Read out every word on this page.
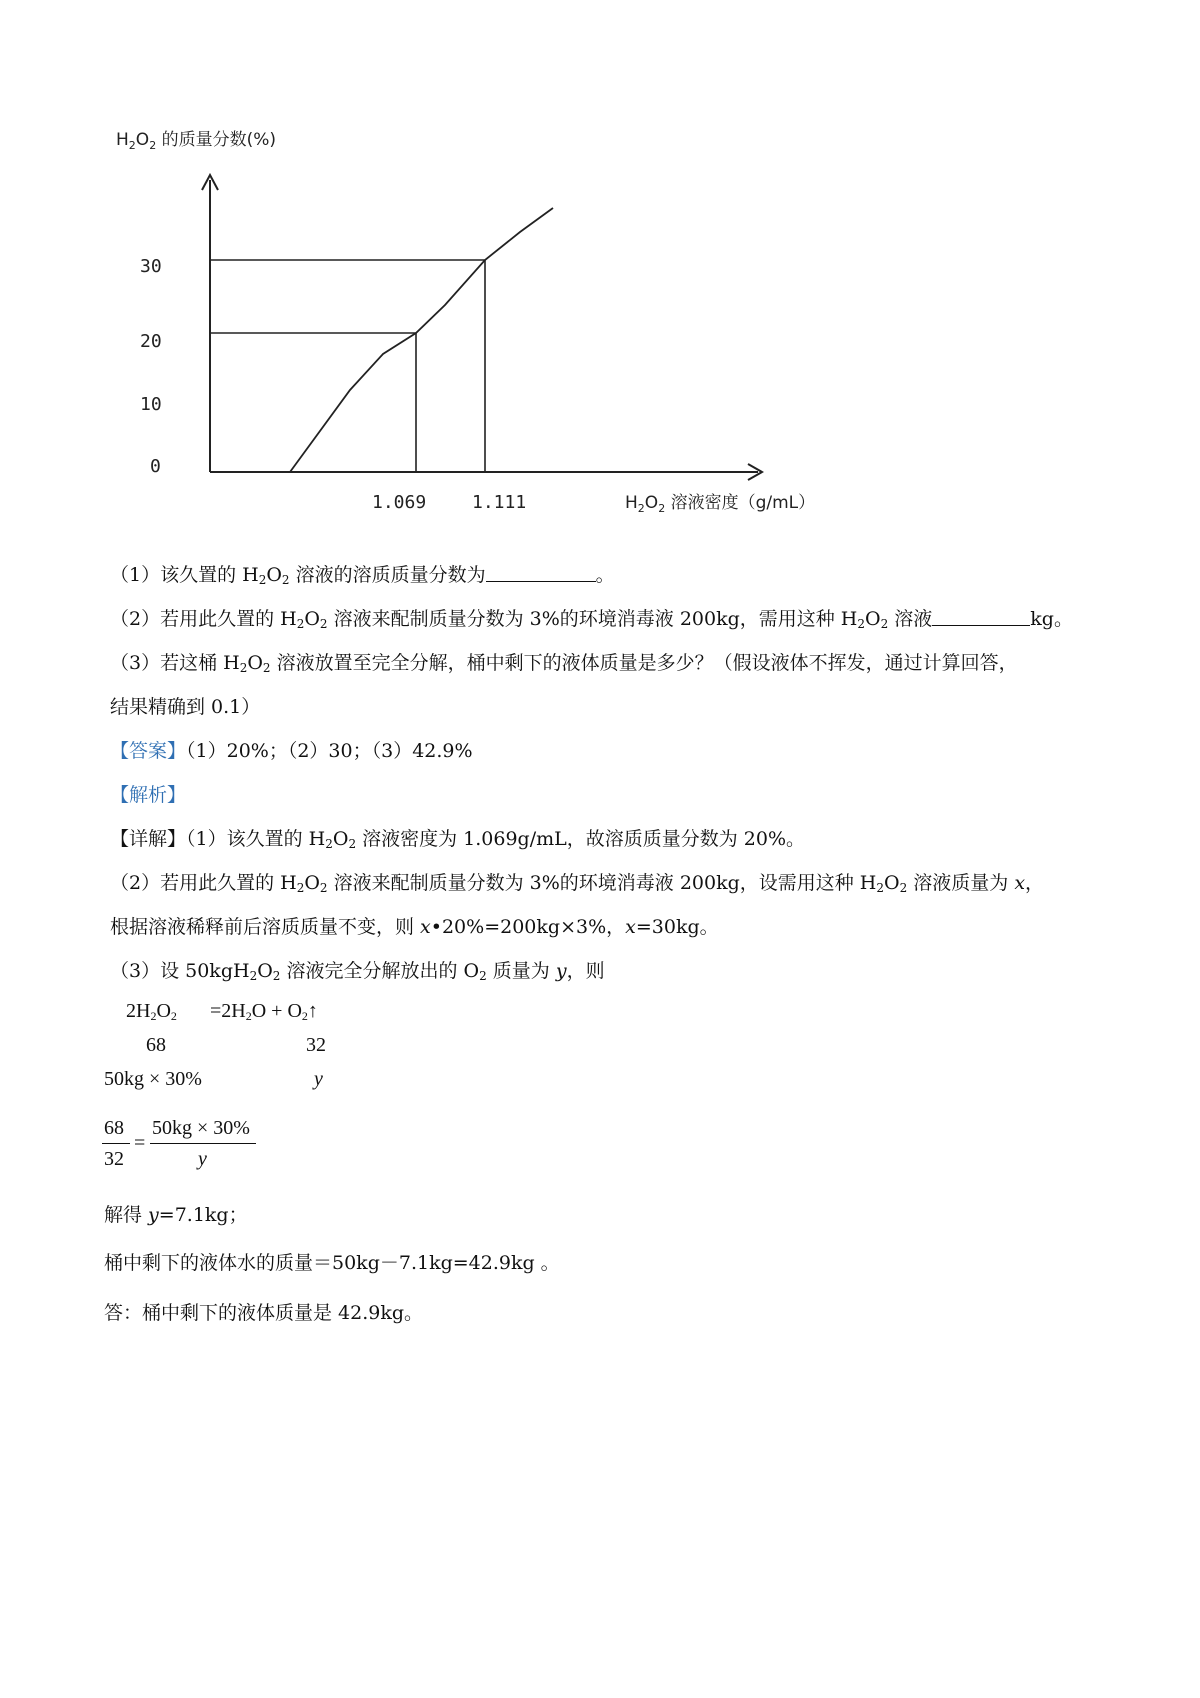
30
20
10
0
1.069	1.111
$H_2O_2$ 的质量分数(%)
$H_2O_2$ 溶液密度（g/mL）
（1）该久置的 $H_2O_2$ 溶液的溶质质量分数为	。
（2）若用此久置的 $H_2O_2$ 溶液来配制质量分数为 3%的环境消毒液 200kg，需用这种 $H_2O_2$ 溶液	kg。
（3）若这桶 $H_2O_2$ 溶液放置至完全分解，桶中剩下的液体质量是多少？（假设液体不挥发，通过计算回答，
结果精确到 0.1）
【答案】（1）20%；（2）30；（3）42.9%
【解析】
【详解】（1）该久置的 $H_2O_2$ 溶液密度为 1.069g/mL，故溶质质量分数为 20%。
（2）若用此久置的 $H_2O_2$ 溶液来配制质量分数为 3%的环境消毒液 200kg，设需用这种 $H_2O_2$ 溶液质量为 x，
根据溶液稀释前后溶质质量不变，则 x•20%=200kg×3%，x=30kg。
（3）设 $50kgH_2O_2$ 溶液完全分解放出的 $O_2$ 质量为 y，则
$2H_2O_2 =2H_2O$ + $O_2↑$
68	32
50kg × 30%	y
68
32
=
50kg × 30%
y
解得 y=7.1kg；
桶中剩下的液体水的质量＝50kg－7.1kg=42.9kg 。
答：桶中剩下的液体质量是 42.9kg。
